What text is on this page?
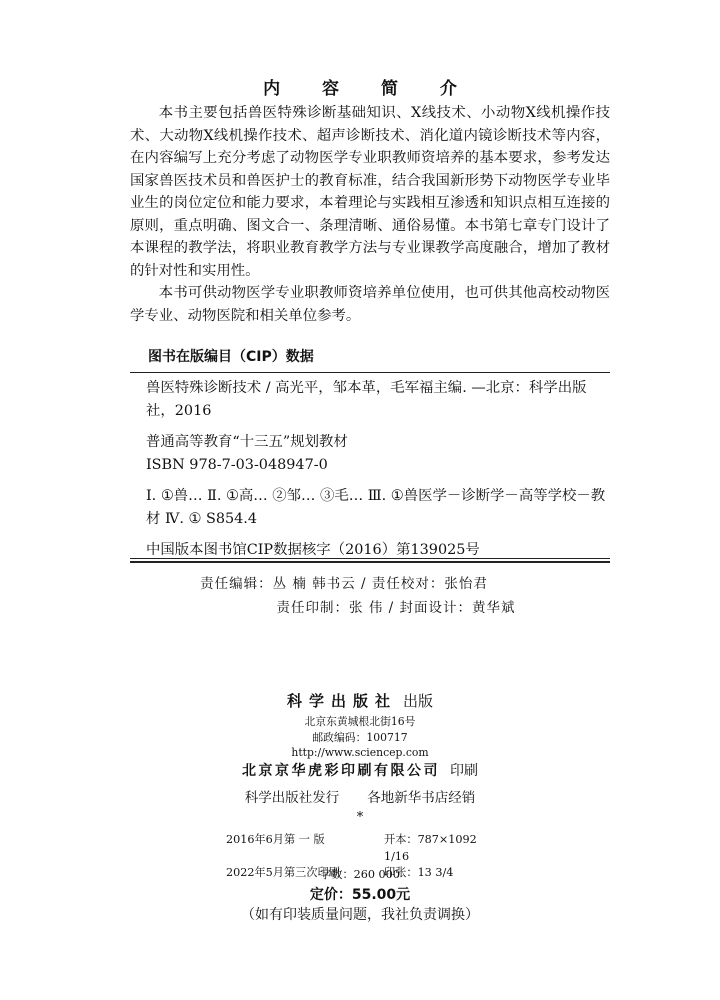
内 容 简 介

本书主要包括兽医特殊诊断基础知识、X线技术、小动物X线机操作技术、大动物X线机操作技术、超声诊断技术、消化道内镜诊断技术等内容，在内容编写上充分考虑了动物医学专业职教师资培养的基本要求，参考发达国家兽医技术员和兽医护士的教育标准，结合我国新形势下动物医学专业毕业生的岗位定位和能力要求，本着理论与实践相互渗透和知识点相互连接的原则，重点明确、图文合一、条理清晰、通俗易懂。本书第七章专门设计了本课程的教学法，将职业教育教学方法与专业课教学高度融合，增加了教材的针对性和实用性。

本书可供动物医学专业职教师资培养单位使用，也可供其他高校动物医学专业、动物医院和相关单位参考。

图书在版编目（CIP）数据

兽医特殊诊断技术 / 高光平，邹本革，毛军福主编. —北京：科学出版社，2016

普通高等教育“十三五”规划教材

ISBN 978-7-03-048947-0

Ⅰ. ①兽… Ⅱ. ①高… ②邹… ③毛… Ⅲ. ①兽医学－诊断学－高等学校－教材 Ⅳ. ① S854.4

中国版本图书馆CIP数据核字（2016）第139025号

责任编辑：丛 楠 韩书云 / 责任校对：张怡君
责任印制：张 伟 / 封面设计：黄华斌
科学出版社 出版
北京东黄城根北街16号
邮政编码：100717
http://www.sciencep.com
北京京华虎彩印刷有限公司 印刷
科学出版社发行 各地新华书店经销
*
2016年6月第 一 版	开本：787×1092 1/16
2022年5月第三次印刷	印张：13 3/4
字数：260 000
定价：55.00元
（如有印装质量问题，我社负责调换）
